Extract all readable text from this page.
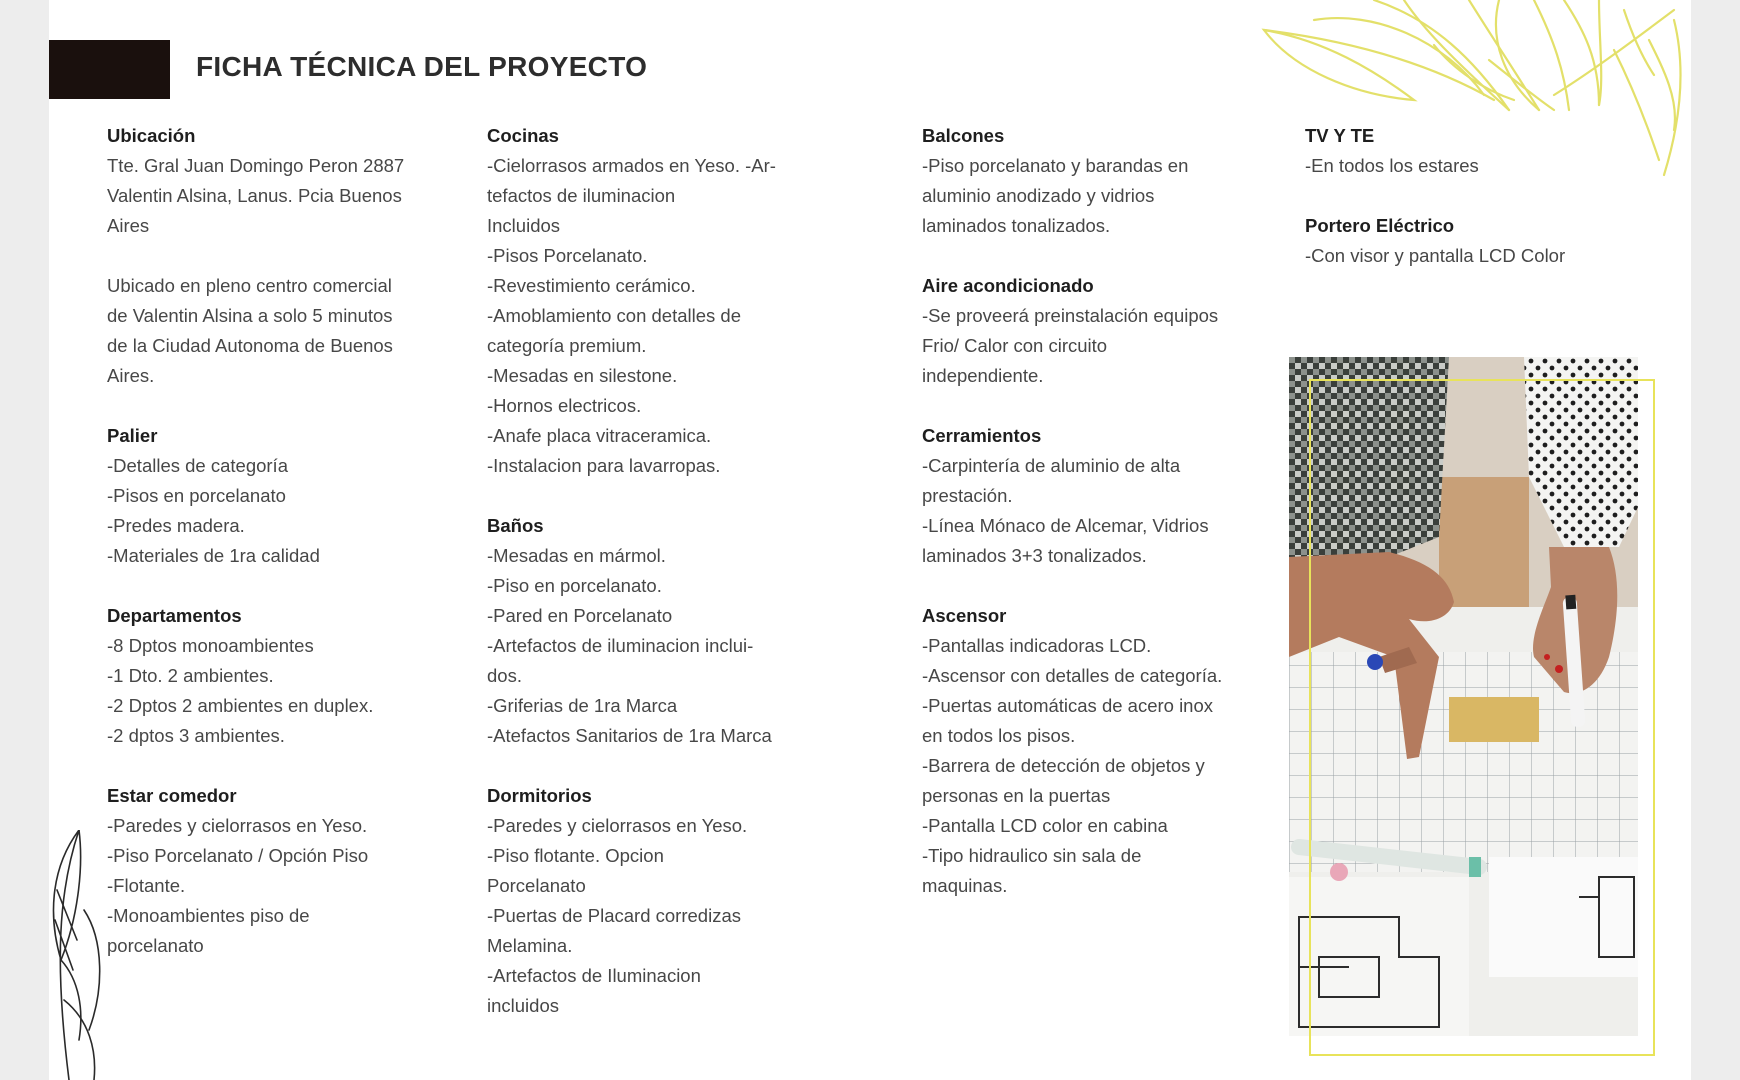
FICHA TÉCNICA DEL PROYECTO
Ubicación
Tte. Gral Juan Domingo Peron 2887
Valentin Alsina, Lanus. Pcia Buenos
Aires
Ubicado en pleno centro comercial
de Valentin Alsina a solo 5 minutos
de la Ciudad Autonoma de Buenos
Aires.
Palier
-Detalles de categoría
-Pisos en porcelanato
-Predes madera.
-Materiales de 1ra calidad
Departamentos
-8 Dptos monoambientes
-1 Dto. 2 ambientes.
-2 Dptos 2 ambientes en duplex.
-2 dptos 3 ambientes.
Estar comedor
-Paredes y cielorrasos en Yeso.
-Piso Porcelanato / Opción Piso
-Flotante.
-Monoambientes piso de
porcelanato
Cocinas
-Cielorrasos armados en Yeso. -Ar-
tefactos de iluminacion
Incluidos
-Pisos Porcelanato.
-Revestimiento cerámico.
-Amoblamiento con detalles de
categoría premium.
-Mesadas en silestone.
-Hornos electricos.
-Anafe placa vitraceramica.
-Instalacion para lavarropas.
Baños
-Mesadas en mármol.
-Piso en porcelanato.
-Pared en Porcelanato
-Artefactos de iluminacion inclui-
dos.
-Griferias de 1ra Marca
-Atefactos Sanitarios de 1ra Marca
Dormitorios
-Paredes y cielorrasos en Yeso.
-Piso flotante. Opcion
Porcelanato
-Puertas de Placard corredizas
Melamina.
-Artefactos de Iluminacion
incluidos
Balcones
-Piso porcelanato y barandas en
aluminio anodizado y vidrios
laminados tonalizados.
Aire acondicionado
-Se proveerá preinstalación equipos
Frio/ Calor con circuito
independiente.
Cerramientos
-Carpintería de aluminio de alta
prestación.
-Línea Mónaco de Alcemar, Vidrios
laminados 3+3 tonalizados.
Ascensor
-Pantallas indicadoras LCD.
-Ascensor con detalles de categoría.
-Puertas automáticas de acero inox
en todos los pisos.
-Barrera de detección de objetos y
personas en la puertas
-Pantalla LCD color en cabina
-Tipo hidraulico sin sala de
maquinas.
TV Y TE
-En todos los estares
Portero Eléctrico
-Con visor y pantalla LCD Color
